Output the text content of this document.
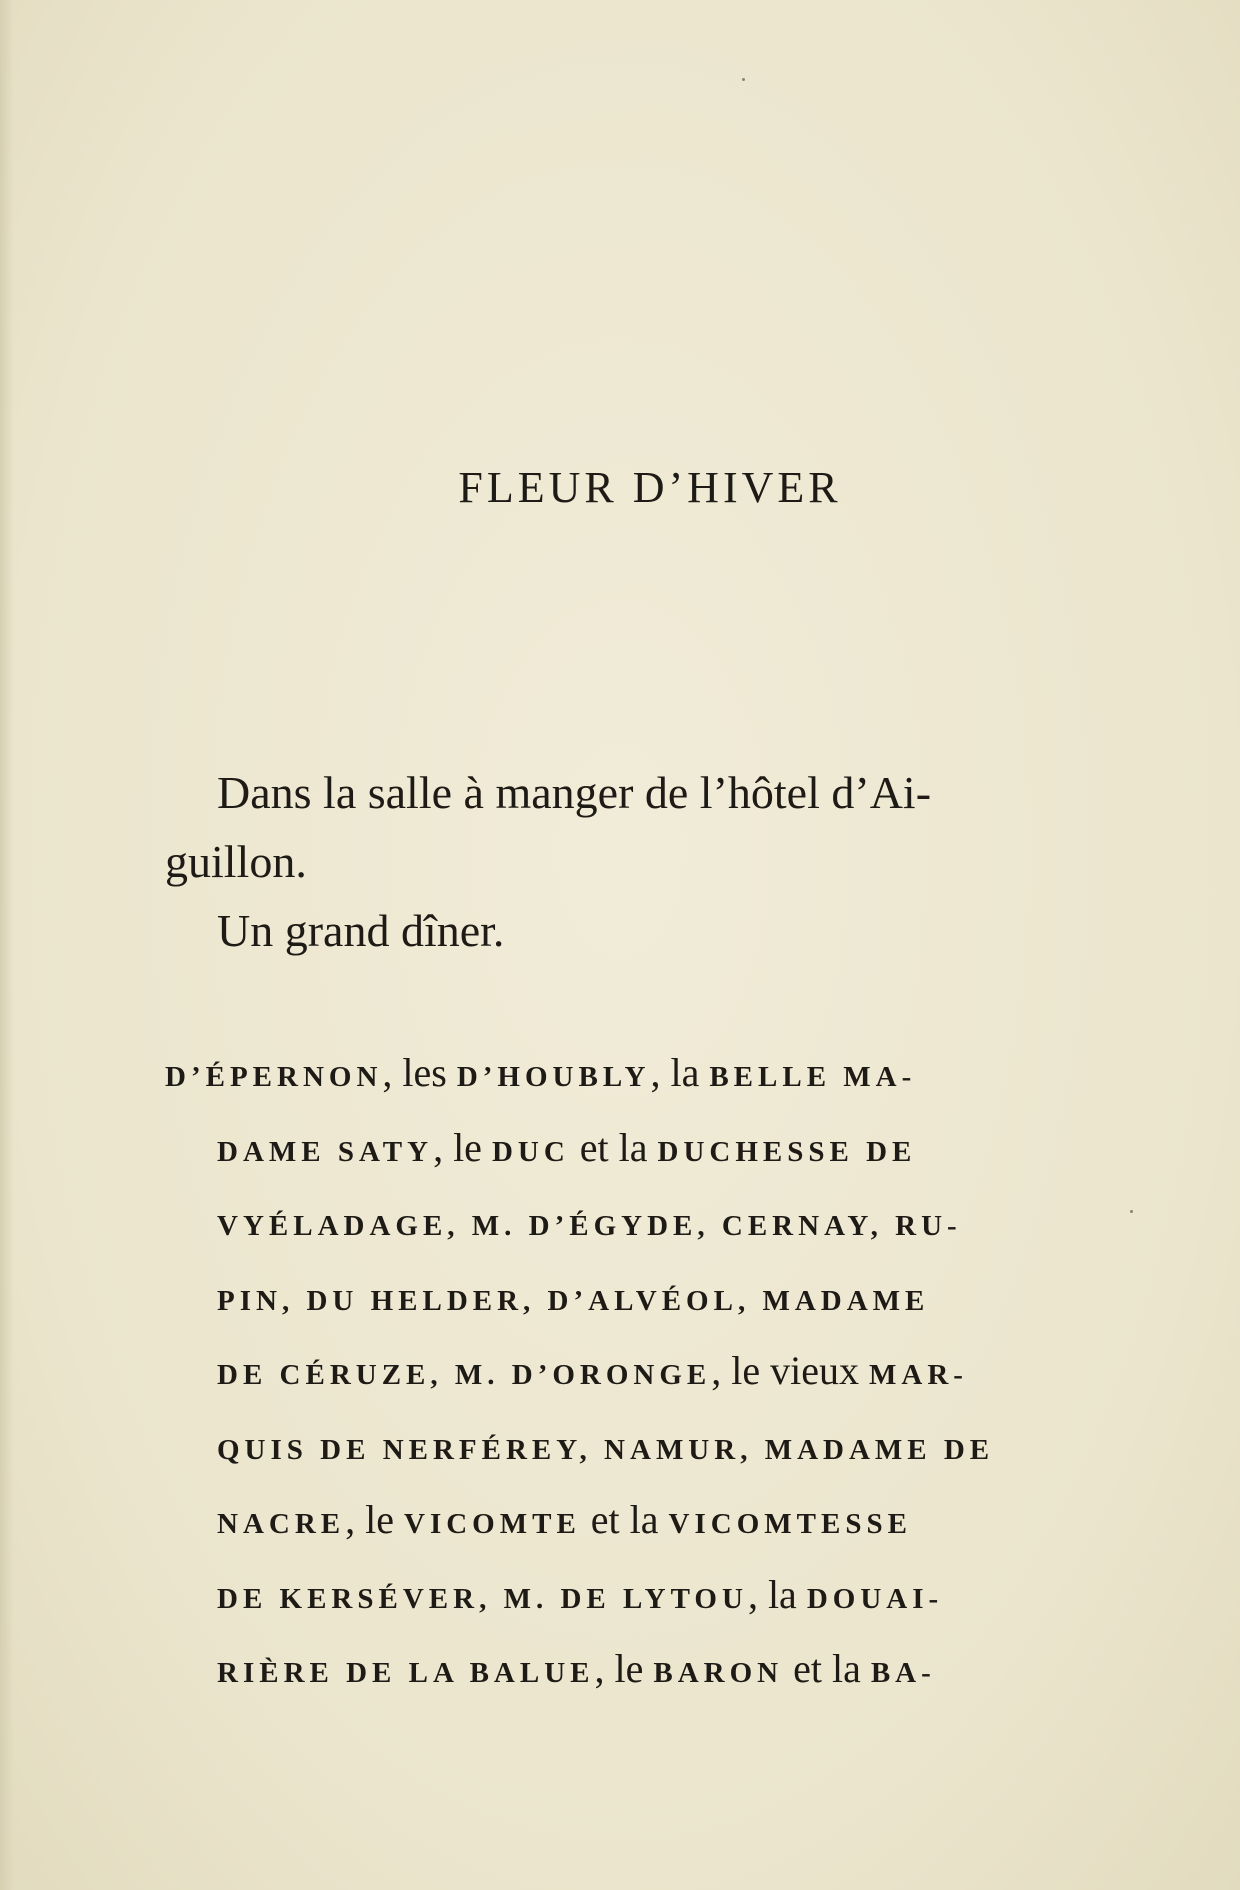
FLEUR D’HIVER

Dans la salle à manger de l’hôtel d’Ai-

guillon.

Un grand dîner.

D’ÉPERNON, les D’HOUBLY, la BELLE MA-
DAME SATY, le DUC et la DUCHESSE DE
VYÉLADAGE, M. D’ÉGYDE, CERNAY, RU-
PIN, DU HELDER, D’ALVÉOL, MADAME
DE CÉRUZE, M. D’ORONGE, le vieux MAR-
QUIS DE NERFÉREY, NAMUR, MADAME DE
NACRE, le VICOMTE et la VICOMTESSE
DE KERSÉVER, M. DE LYTOU, la DOUAI-
RIÈRE DE LA BALUE, le BARON et la BA-
